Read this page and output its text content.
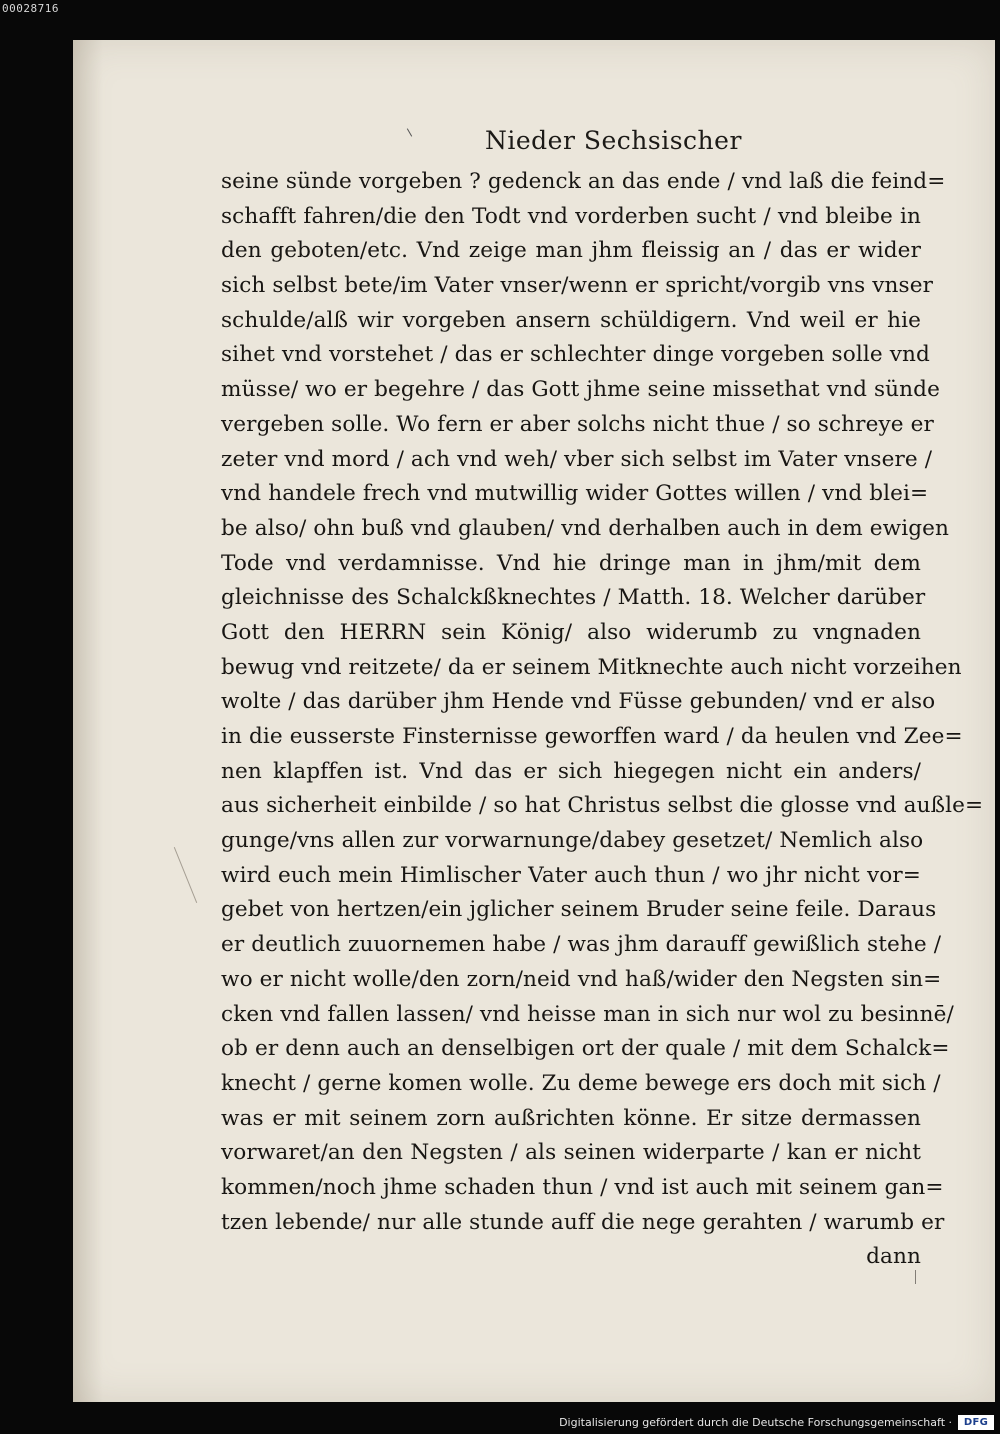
00028716
Nieder Sechsischer
seine sünde vorgeben ? gedenck an das ende / vnd laß die feind=
schafft fahren/die den Todt vnd vorderben sucht / vnd bleibe in
den geboten/etc. Vnd zeige man jhm fleissig an / das er wider
sich selbst bete/im Vater vnser/wenn er spricht/vorgib vns vnser
schulde/alß wir vorgeben ansern schüldigern. Vnd weil er hie
sihet vnd vorstehet / das er schlechter dinge vorgeben solle vnd
müsse/ wo er begehre / das Gott jhme seine missethat vnd sünde
vergeben solle. Wo fern er aber solchs nicht thue / so schreye er
zeter vnd mord / ach vnd weh/ vber sich selbst im Vater vnsere /
vnd handele frech vnd mutwillig wider Gottes willen / vnd blei=
be also/ ohn buß vnd glauben/ vnd derhalben auch in dem ewigen
Tode vnd verdamnisse. Vnd hie dringe man in jhm/mit dem
gleichnisse des Schalckßknechtes / Matth. 18. Welcher darüber
Gott den HERRN sein König/ also widerumb zu vngnaden
bewug vnd reitzete/ da er seinem Mitknechte auch nicht vorzeihen
wolte / das darüber jhm Hende vnd Füsse gebunden/ vnd er also
in die eusserste Finsternisse geworffen ward / da heulen vnd Zee=
nen klapffen ist. Vnd das er sich hiegegen nicht ein anders/
aus sicherheit einbilde / so hat Christus selbst die glosse vnd außle=
gunge/vns allen zur vorwarnunge/dabey gesetzet/ Nemlich also
wird euch mein Himlischer Vater auch thun / wo jhr nicht vor=
gebet von hertzen/ein jglicher seinem Bruder seine feile. Daraus
er deutlich zuuornemen habe / was jhm darauff gewißlich stehe /
wo er nicht wolle/den zorn/neid vnd haß/wider den Negsten sin=
cken vnd fallen lassen/ vnd heisse man in sich nur wol zu besinnē/
ob er denn auch an denselbigen ort der quale / mit dem Schalck=
knecht / gerne komen wolle. Zu deme bewege ers doch mit sich /
was er mit seinem zorn außrichten könne. Er sitze dermassen
vorwaret/an den Negsten / als seinen widerparte / kan er nicht
kommen/noch jhme schaden thun / vnd ist auch mit seinem gan=
tzen lebende/ nur alle stunde auff die nege gerahten / warumb er
dann
Digitalisierung gefördert durch die Deutsche Forschungsgemeinschaft ·	DFG
